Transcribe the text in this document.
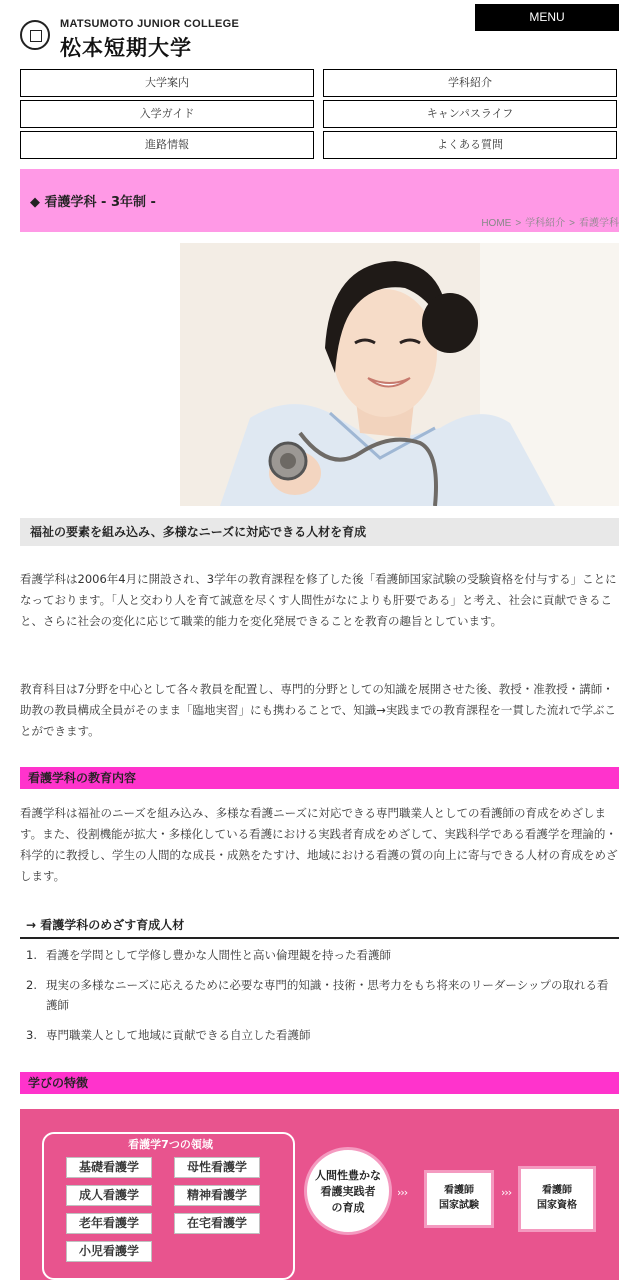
MATSUMOTO JUNIOR COLLEGE
松本短期大学
MENU
大学案内	学科紹介
入学ガイド	キャンパスライフ
進路情報	よくある質問
◆ 看護学科 - 3年制 -
HOME > 学科紹介 > 看護学科
福祉の要素を組み込み、多様なニーズに対応できる人材を育成

看護学科は2006年4月に開設され、3学年の教育課程を修了した後「看護師国家試験の受験資格を付与する」ことになっております。「人と交わり人を育て誠意を尽くす人間性がなによりも肝要である」と考え、社会に貢献できること、さらに社会の変化に応じて職業的能力を変化発展できることを教育の趣旨としています。

教育科目は7分野を中心として各々教員を配置し、専門的分野としての知識を展開させた後、教授・准教授・講師・助教の教員構成全員がそのまま「臨地実習」にも携わることで、知識→実践までの教育課程を一貫した流れで学ぶことができます。

看護学科の教育内容

看護学科は福祉のニーズを組み込み、多様な看護ニーズに対応できる専門職業人としての看護師の育成をめざします。また、役割機能が拡大・多様化している看護における実践者育成をめざして、実践科学である看護学を理論的・科学的に教授し、学生の人間的な成長・成熟をたすけ、地域における看護の質の向上に寄与できる人材の育成をめざします。

→ 看護学科のめざす育成人材
1. 看護を学問として学修し豊かな人間性と高い倫理観を持った看護師
2. 現実の多様なニーズに応えるために必要な専門的知識・技術・思考力をもち将来のリーダーシップの取れる看護師
3. 専門職業人として地域に貢献できる自立した看護師
学びの特徴
看護学7つの領域
基礎看護学	母性看護学
成人看護学	精神看護学
老年看護学	在宅看護学
小児看護学
人間性豊かな
看護実践者
の育成
›››	看護師
国家試験
›››	看護師
国家資格
